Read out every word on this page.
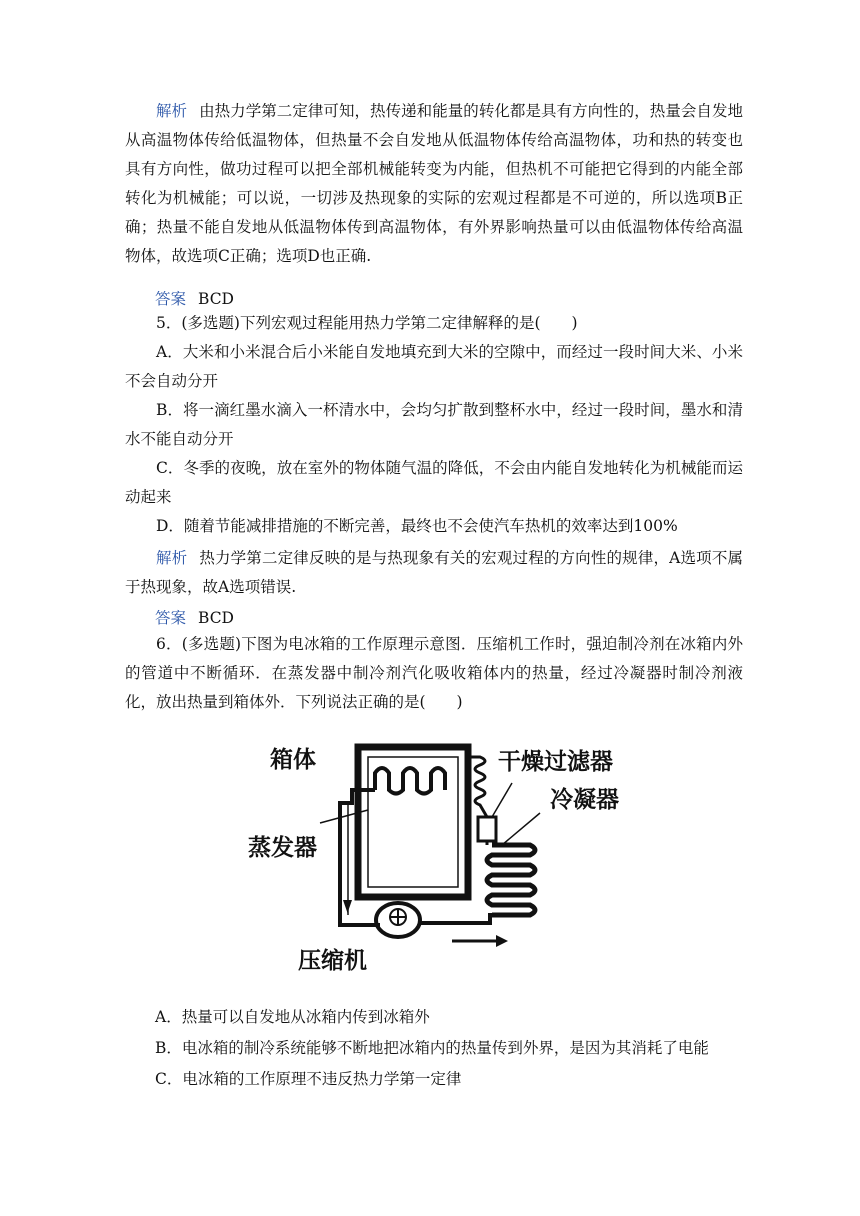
解析 由热力学第二定律可知，热传递和能量的转化都是具有方向性的，热量会自发地从高温物体传给低温物体，但热量不会自发地从低温物体传给高温物体，功和热的转变也具有方向性，做功过程可以把全部机械能转变为内能，但热机不可能把它得到的内能全部转化为机械能；可以说，一切涉及热现象的实际的宏观过程都是不可逆的，所以选项B正确；热量不能自发地从低温物体传到高温物体，有外界影响热量可以由低温物体传给高温物体，故选项C正确；选项D也正确.

答案 BCD

5．(多选题)下列宏观过程能用热力学第二定律解释的是(　　)

A．大米和小米混合后小米能自发地填充到大米的空隙中，而经过一段时间大米、小米不会自动分开

B．将一滴红墨水滴入一杯清水中，会均匀扩散到整杯水中，经过一段时间，墨水和清水不能自动分开

C．冬季的夜晚，放在室外的物体随气温的降低，不会由内能自发地转化为机械能而运动起来

D．随着节能减排措施的不断完善，最终也不会使汽车热机的效率达到100%

解析 热力学第二定律反映的是与热现象有关的宏观过程的方向性的规律，A选项不属于热现象，故A选项错误.

答案 BCD

6．(多选题)下图为电冰箱的工作原理示意图．压缩机工作时，强迫制冷剂在冰箱内外的管道中不断循环．在蒸发器中制冷剂汽化吸收箱体内的热量，经过冷凝器时制冷剂液化，放出热量到箱体外．下列说法正确的是(　　)

箱体	干燥过滤器
冷凝器
蒸发器
压缩机
A．热量可以自发地从冰箱内传到冰箱外
B．电冰箱的制冷系统能够不断地把冰箱内的热量传到外界，是因为其消耗了电能
C．电冰箱的工作原理不违反热力学第一定律
